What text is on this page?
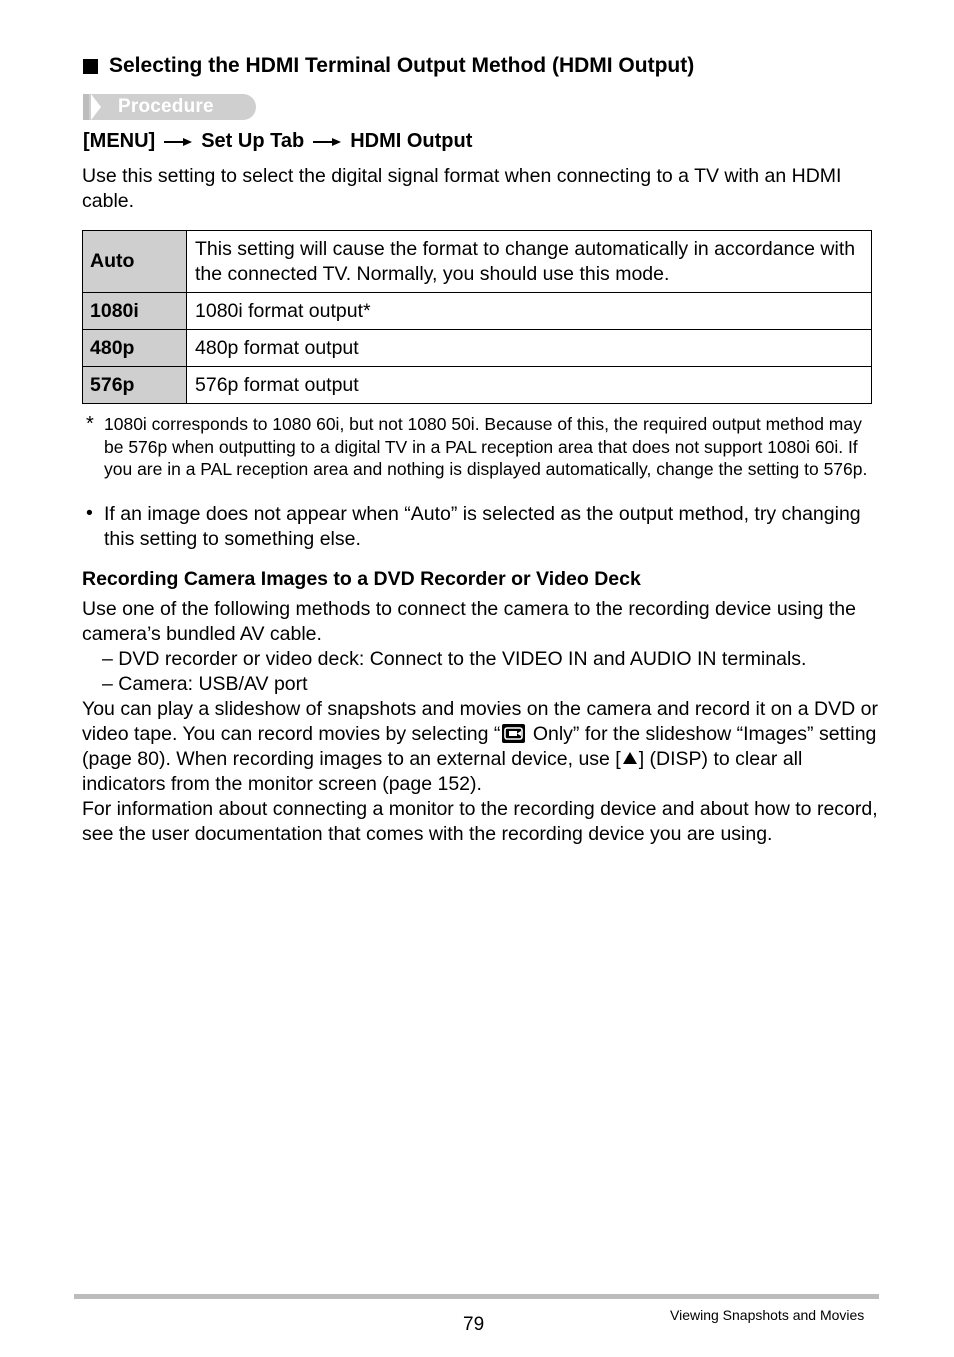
Selecting the HDMI Terminal Output Method (HDMI Output)
Procedure
[MENU] Set Up Tab HDMI Output
Use this setting to select the digital signal format when connecting to a TV with an HDMI cable.
Auto	This setting will cause the format to change automatically in accordance with the connected TV. Normally, you should use this mode.
1080i	1080i format output*
480p	480p format output
576p	576p format output
* 1080i corresponds to 1080 60i, but not 1080 50i. Because of this, the required output method may be 576p when outputting to a digital TV in a PAL reception area that does not support 1080i 60i. If you are in a PAL reception area and nothing is displayed automatically, change the setting to 576p.
• If an image does not appear when “Auto” is selected as the output method, try changing this setting to something else.
Recording Camera Images to a DVD Recorder or Video Deck
Use one of the following methods to connect the camera to the recording device using the camera’s bundled AV cable.
– DVD recorder or video deck: Connect to the VIDEO IN and AUDIO IN terminals.
– Camera: USB/AV port
You can play a slideshow of snapshots and movies on the camera and record it on a DVD or video tape. You can record movies by selecting “
Only” for the slideshow “Images” setting (page 80). When recording images to an external device, use [ ] (DISP) to clear all indicators from the monitor screen (page 152).
For information about connecting a monitor to the recording device and about how to record, see the user documentation that comes with the recording device you are using.
79	Viewing Snapshots and Movies
